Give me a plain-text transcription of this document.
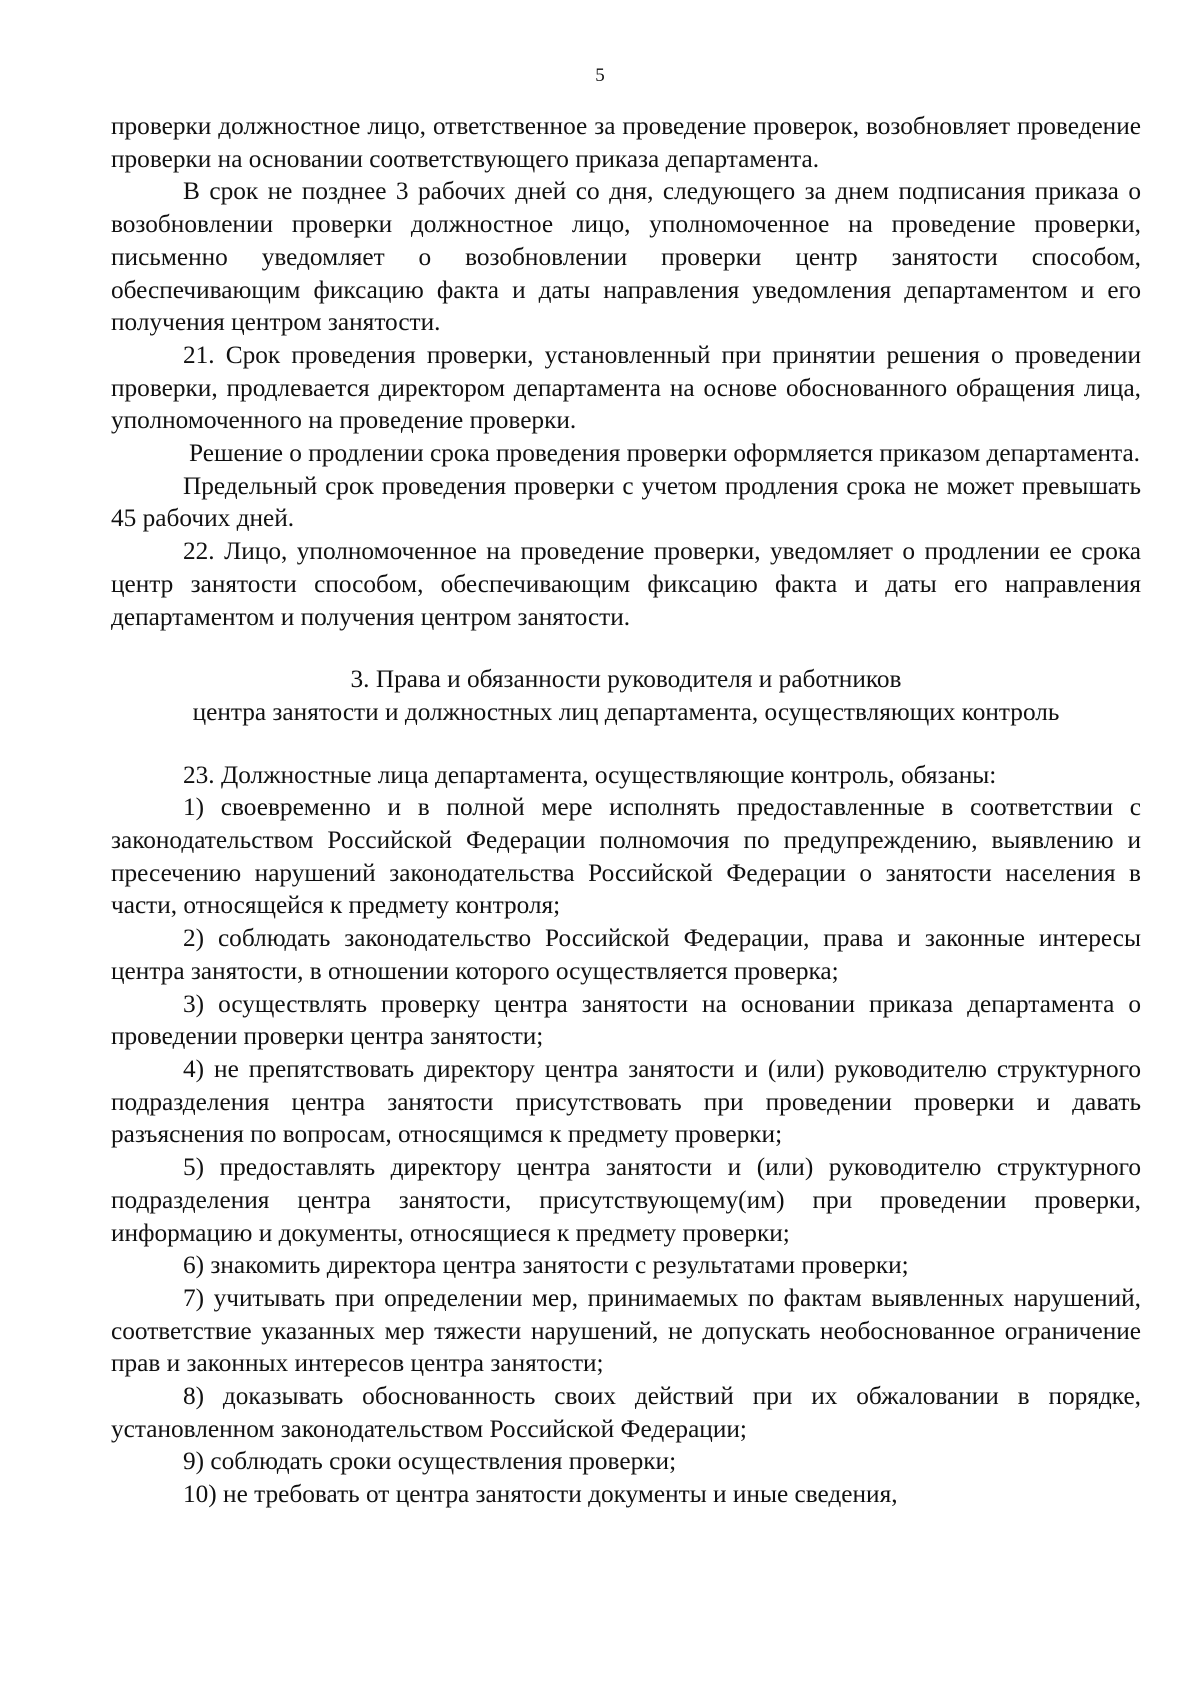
5

проверки должностное лицо, ответственное за проведение проверок, возобновляет проведение проверки на основании соответствующего приказа департамента.

В срок не позднее 3 рабочих дней со дня, следующего за днем подписания приказа о возобновлении проверки должностное лицо, уполномоченное на проведение проверки, письменно уведомляет о возобновлении проверки центр занятости способом, обеспечивающим фиксацию факта и даты направления уведомления департаментом и его получения центром занятости.

21. Срок проведения проверки, установленный при принятии решения о проведении проверки, продлевается директором департамента на основе обоснованного обращения лица, уполномоченного на проведение проверки.

Решение о продлении срока проведения проверки оформляется приказом департамента.

Предельный срок проведения проверки с учетом продления срока не может превышать 45 рабочих дней.

22. Лицо, уполномоченное на проведение проверки, уведомляет о продлении ее срока центр занятости способом, обеспечивающим фиксацию факта и даты его направления департаментом и получения центром занятости.

3. Права и обязанности руководителя и работников
центра занятости и должностных лиц департамента, осуществляющих контроль

23. Должностные лица департамента, осуществляющие контроль, обязаны:

1) своевременно и в полной мере исполнять предоставленные в соответствии с законодательством Российской Федерации полномочия по предупреждению, выявлению и пресечению нарушений законодательства Российской Федерации о занятости населения в части, относящейся к предмету контроля;

2) соблюдать законодательство Российской Федерации, права и законные интересы центра занятости, в отношении которого осуществляется проверка;

3) осуществлять проверку центра занятости на основании приказа департамента о проведении проверки центра занятости;

4) не препятствовать директору центра занятости и (или) руководителю структурного подразделения центра занятости присутствовать при проведении проверки и давать разъяснения по вопросам, относящимся к предмету проверки;

5) предоставлять директору центра занятости и (или) руководителю структурного подразделения центра занятости, присутствующему(им) при проведении проверки, информацию и документы, относящиеся к предмету проверки;

6) знакомить директора центра занятости с результатами проверки;

7) учитывать при определении мер, принимаемых по фактам выявленных нарушений, соответствие указанных мер тяжести нарушений, не допускать необоснованное ограничение прав и законных интересов центра занятости;

8) доказывать обоснованность своих действий при их обжаловании в порядке, установленном законодательством Российской Федерации;

9) соблюдать сроки осуществления проверки;

10) не требовать от центра занятости документы и иные сведения,
